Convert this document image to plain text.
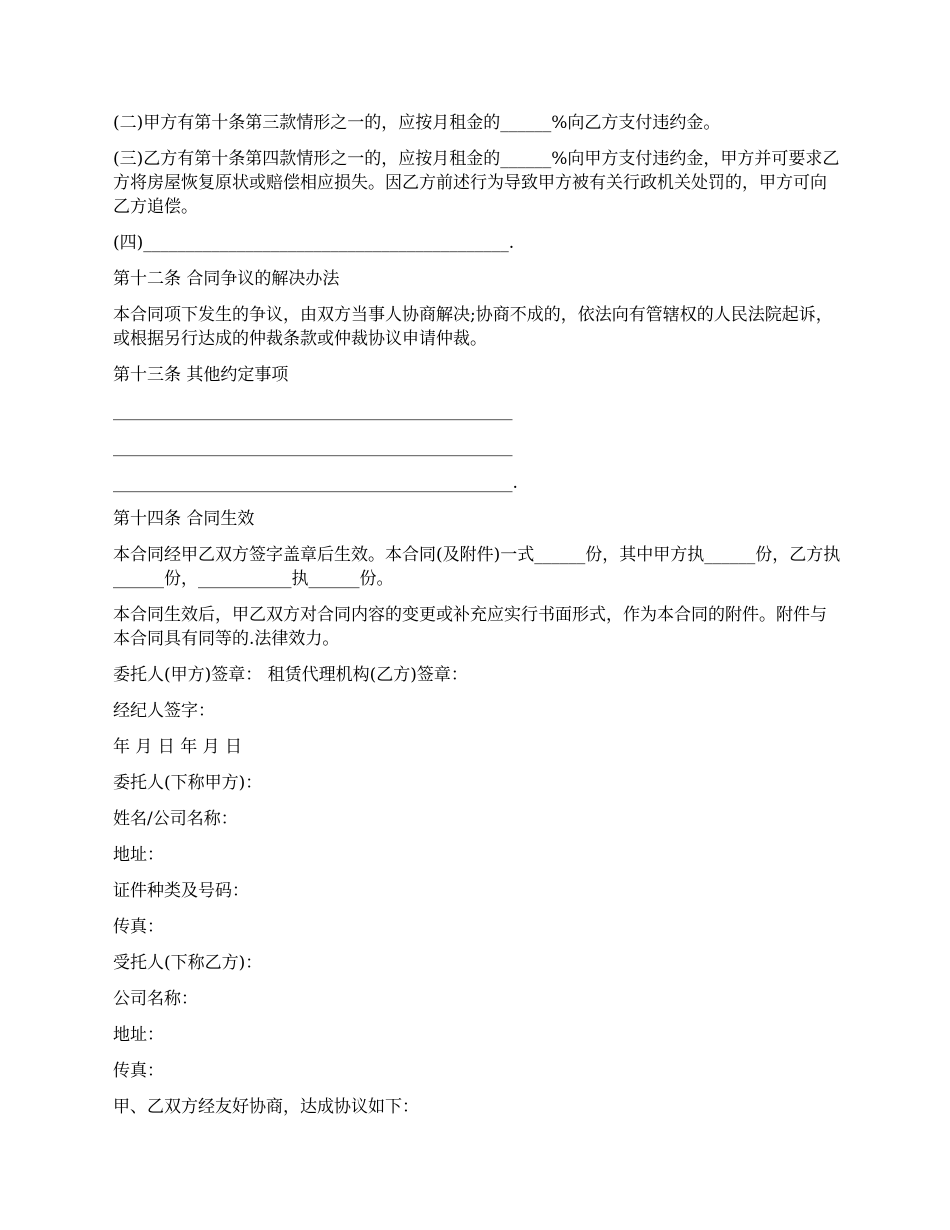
(二)甲方有第十条第三款情形之一的，应按月租金的______%向乙方支付违约金。

(三)乙方有第十条第四款情形之一的，应按月租金的______%向甲方支付违约金，甲方并可要求乙方将房屋恢复原状或赔偿相应损失。因乙方前述行为导致甲方被有关行政机关处罚的，甲方可向乙方追偿。

(四)___________________________________________.

第十二条 合同争议的解决办法

本合同项下发生的争议，由双方当事人协商解决;协商不成的，依法向有管辖权的人民法院起诉，或根据另行达成的仲裁条款或仲裁协议申请仲裁。

第十三条 其他约定事项

_______________________________________________

_______________________________________________

_______________________________________________.

第十四条 合同生效

本合同经甲乙双方签字盖章后生效。本合同(及附件)一式______份，其中甲方执______份，乙方执______份，___________执______份。

本合同生效后，甲乙双方对合同内容的变更或补充应实行书面形式，作为本合同的附件。附件与本合同具有同等的.法律效力。

委托人(甲方)签章： 租赁代理机构(乙方)签章：

经纪人签字：

年 月 日 年 月 日

委托人(下称甲方)：

姓名/公司名称：

地址：

证件种类及号码：

传真：

受托人(下称乙方)：

公司名称：

地址：

传真：

甲、乙双方经友好协商，达成协议如下：
